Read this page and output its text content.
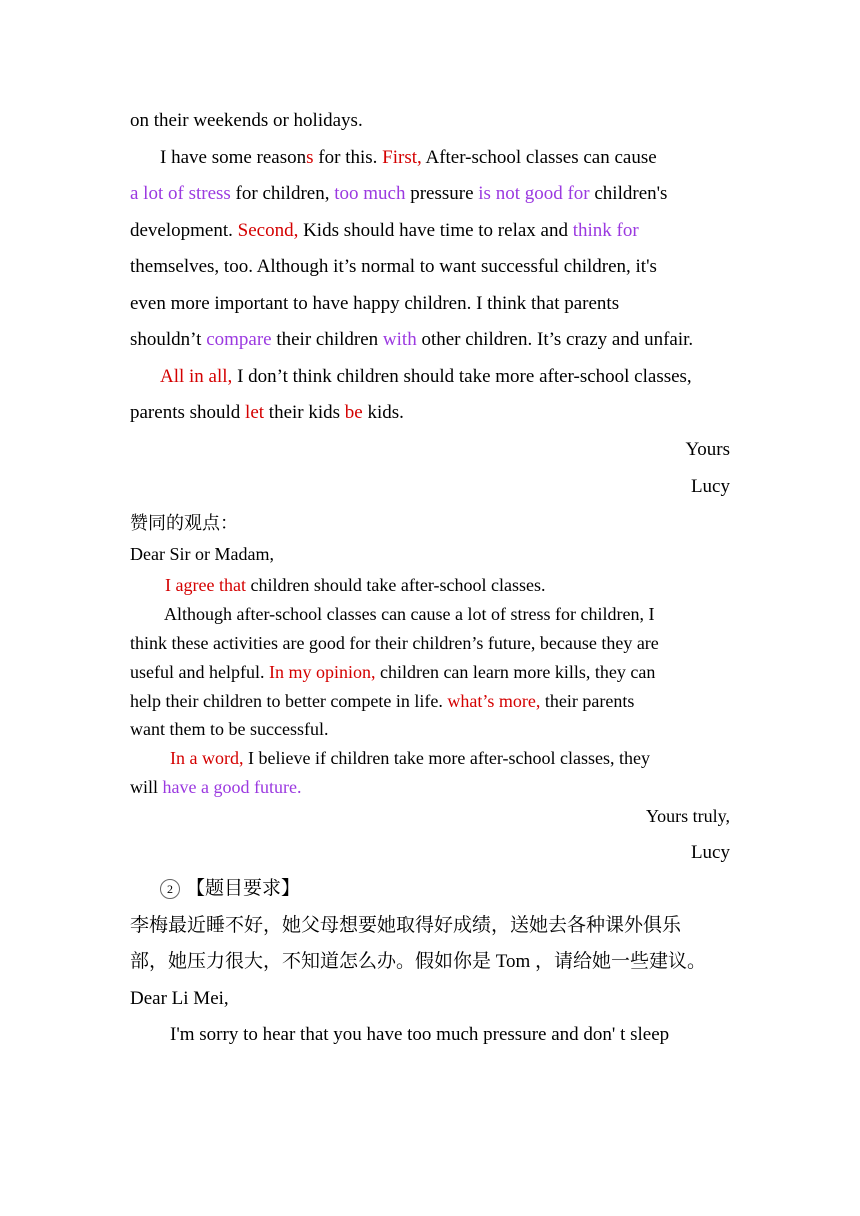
on their weekends or holidays.
I have some reasons for this. First, After-school classes can cause
a lot of stress for children, too much pressure is not good for children's
development. Second, Kids should have time to relax and think for
themselves, too. Although it’s normal to want successful children, it's
even more important to have happy children. I think that parents
shouldn’t compare their children with other children. It’s crazy and unfair.
All in all, I don’t think children should take more after-school classes,
parents should let their kids be kids.
Yours
Lucy
赞同的观点：
Dear Sir or Madam,
I agree that children should take after-school classes.
Although after-school classes can cause a lot of stress for children, I
think these activities are good for their children’s future, because they are
useful and helpful. In my opinion, children can learn more kills, they can
help their children to better compete in life. what’s more, their parents
want them to be successful.
In a word, I believe if children take more after-school classes, they
will have a good future.
Yours truly,
Lucy
2 【题目要求】
李梅最近睡不好，她父母想要她取得好成绩，送她去各种课外俱乐
部，她压力很大，不知道怎么办。假如你是 Tom ，请给她一些建议。
Dear Li Mei,
I'm sorry to hear that you have too much pressure and don' t sleep
